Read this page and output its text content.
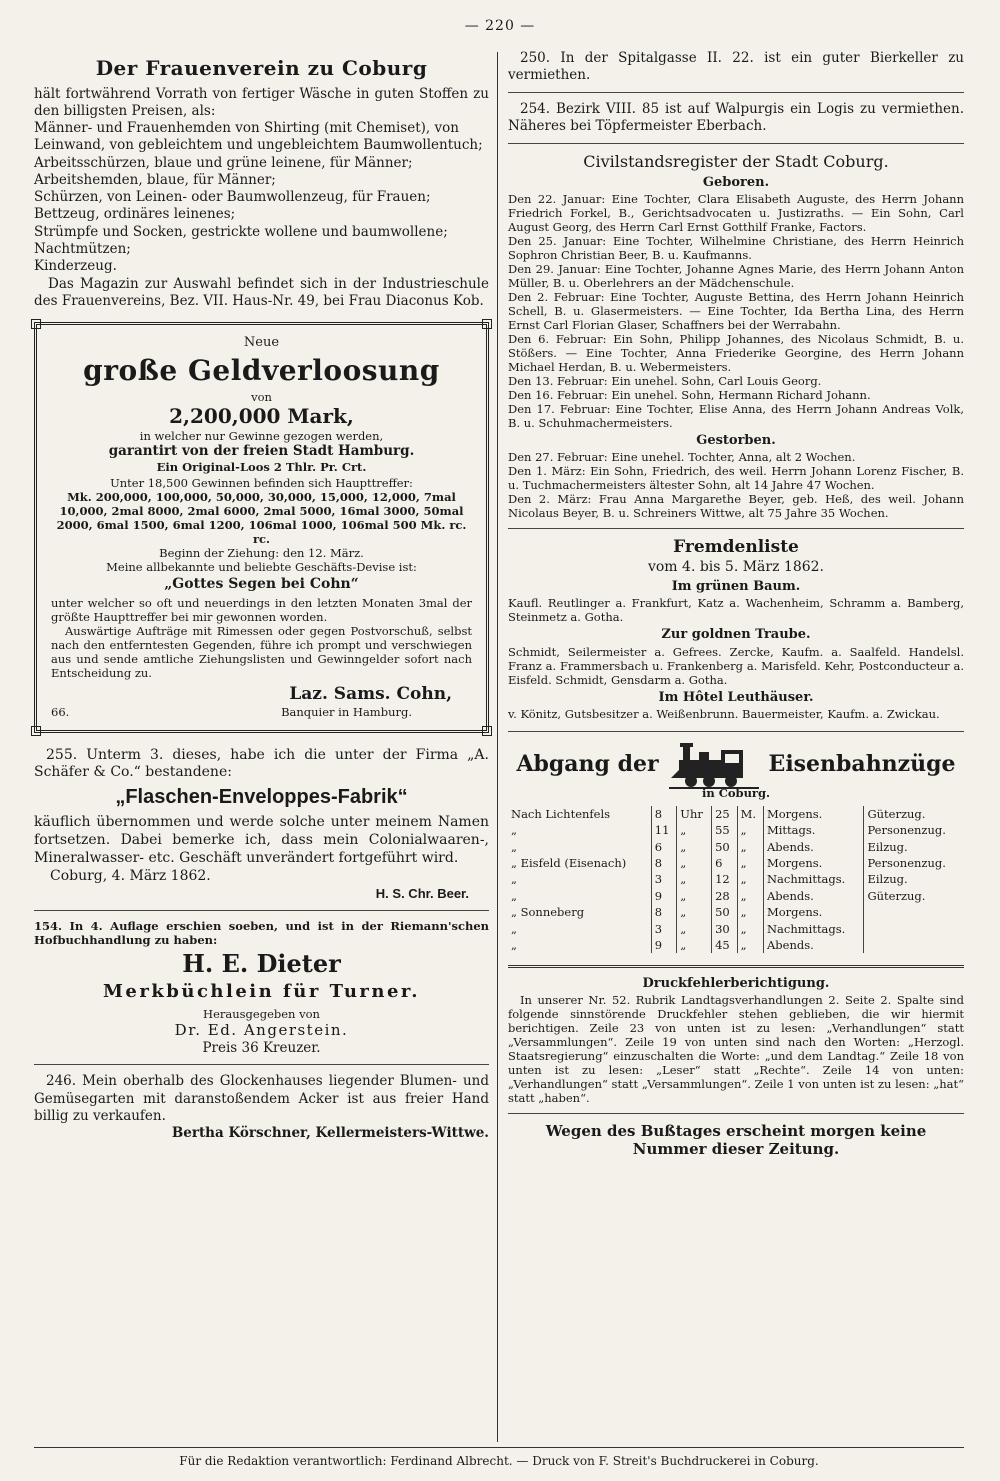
— 220 —
Der Frauenverein zu Coburg

hält fortwährend Vorrath von fertiger Wäsche in guten Stoffen zu den billigsten Preisen, als:

Männer- und Frauenhemden von Shirting (mit Chemiset), von Leinwand, von gebleichtem und ungebleichtem Baumwollentuch;

Arbeitsschürzen, blaue und grüne leinene, für Männer;

Arbeitshemden, blaue, für Männer;

Schürzen, von Leinen- oder Baumwollenzeug, für Frauen;

Bettzeug, ordinäres leinenes;

Strümpfe und Socken, gestrickte wollene und baumwollene;

Nachtmützen;

Kinderzeug.

Das Magazin zur Auswahl befindet sich in der Industrieschule des Frauenvereins, Bez. VII. Haus-Nr. 49, bei Frau Diaconus Kob.

Neue
große Geldverloosung
von
2,200,000 Mark,
in welcher nur Gewinne gezogen werden,
garantirt von der freien Stadt Hamburg.
Ein Original-Loos 2 Thlr. Pr. Crt.
Unter 18,500 Gewinnen befinden sich Haupttreffer:

Mk. 200,000, 100,000, 50,000, 30,000, 15,000, 12,000, 7mal 10,000, 2mal 8000, 2mal 6000, 2mal 5000, 16mal 3000, 50mal 2000, 6mal 1500, 6mal 1200, 106mal 1000, 106mal 500 Mk. rc. rc.

Beginn der Ziehung: den 12. März.
Meine allbekannte und beliebte Geschäfts-Devise ist:
„Gottes Segen bei Cohn“

unter welcher so oft und neuerdings in den letzten Monaten 3mal der größte Haupttreffer bei mir gewonnen worden.

Auswärtige Aufträge mit Rimessen oder gegen Postvorschuß, selbst nach den entferntesten Gegenden, führe ich prompt und verschwiegen aus und sende amtliche Ziehungslisten und Gewinngelder sofort nach Entscheidung zu.

Laz. Sams. Cohn,
66.	Banquier in Hamburg.

255. Unterm 3. dieses, habe ich die unter der Firma „A. Schäfer & Co.“ bestandene:

„Flaschen-Enveloppes-Fabrik“

käuflich übernommen und werde solche unter meinem Namen fortsetzen. Dabei bemerke ich, dass mein Colonialwaaren-, Mineralwasser- etc. Geschäft unverändert fortgeführt wird.

Coburg, 4. März 1862.

H. S. Chr. Beer.

154. In 4. Auflage erschien soeben, und ist in der Riemann'schen Hofbuchhandlung zu haben:

H. E. Dieter
Merkbüchlein für Turner.
Herausgegeben von
Dr. Ed. Angerstein.
Preis 36 Kreuzer.

246. Mein oberhalb des Glockenhauses liegender Blumen- und Gemüsegarten mit daranstoßendem Acker ist aus freier Hand billig zu verkaufen.

Bertha Körschner, Kellermeisters-Wittwe.

250. In der Spitalgasse II. 22. ist ein guter Bierkeller zu vermiethen.

254. Bezirk VIII. 85 ist auf Walpurgis ein Logis zu vermiethen. Näheres bei Töpfermeister Eberbach.

Civilstandsregister der Stadt Coburg.
Geboren.

Den 22. Januar: Eine Tochter, Clara Elisabeth Auguste, des Herrn Johann Friedrich Forkel, B., Gerichtsadvocaten u. Justizraths. — Ein Sohn, Carl August Georg, des Herrn Carl Ernst Gotthilf Franke, Factors.

Den 25. Januar: Eine Tochter, Wilhelmine Christiane, des Herrn Heinrich Sophron Christian Beer, B. u. Kaufmanns.

Den 29. Januar: Eine Tochter, Johanne Agnes Marie, des Herrn Johann Anton Müller, B. u. Oberlehrers an der Mädchenschule.

Den 2. Februar: Eine Tochter, Auguste Bettina, des Herrn Johann Heinrich Schell, B. u. Glasermeisters. — Eine Tochter, Ida Bertha Lina, des Herrn Ernst Carl Florian Glaser, Schaffners bei der Werrabahn.

Den 6. Februar: Ein Sohn, Philipp Johannes, des Nicolaus Schmidt, B. u. Stößers. — Eine Tochter, Anna Friederike Georgine, des Herrn Johann Michael Herdan, B. u. Webermeisters.

Den 13. Februar: Ein unehel. Sohn, Carl Louis Georg.

Den 16. Februar: Ein unehel. Sohn, Hermann Richard Johann.

Den 17. Februar: Eine Tochter, Elise Anna, des Herrn Johann Andreas Volk, B. u. Schuhmachermeisters.

Gestorben.

Den 27. Februar: Eine unehel. Tochter, Anna, alt 2 Wochen.

Den 1. März: Ein Sohn, Friedrich, des weil. Herrn Johann Lorenz Fischer, B. u. Tuchmachermeisters ältester Sohn, alt 14 Jahre 47 Wochen.

Den 2. März: Frau Anna Margarethe Beyer, geb. Heß, des weil. Johann Nicolaus Beyer, B. u. Schreiners Wittwe, alt 75 Jahre 35 Wochen.

Fremdenliste
vom 4. bis 5. März 1862.
Im grünen Baum.

Kaufl. Reutlinger a. Frankfurt, Katz a. Wachenheim, Schramm a. Bamberg, Steinmetz a. Gotha.

Zur goldnen Traube.

Schmidt, Seilermeister a. Gefrees. Zercke, Kaufm. a. Saalfeld. Handelsl. Franz a. Frammersbach u. Frankenberg a. Marisfeld. Kehr, Postconducteur a. Eisfeld. Schmidt, Gensdarm a. Gotha.

Im Hôtel Leuthäuser.

v. Könitz, Gutsbesitzer a. Weißenbrunn. Bauermeister, Kaufm. a. Zwickau.

Abgang der	Eisenbahnzüge
in Coburg.
Nach Lichtenfels	8	Uhr	25	M.	Morgens.	Güterzug.
„	11	„	55	„	Mittags.	Personenzug.
„	6	„	50	„	Abends.	Eilzug.
„ Eisfeld (Eisenach)	8	„	6	„	Morgens.	Personenzug.
„	3	„	12	„	Nachmittags.	Eilzug.
„	9	„	28	„	Abends.	Güterzug.
„ Sonneberg	8	„	50	„	Morgens.	
„	3	„	30	„	Nachmittags.	
„	9	„	45	„	Abends.	
Druckfehlerberichtigung.

In unserer Nr. 52. Rubrik Landtagsverhandlungen 2. Seite 2. Spalte sind folgende sinnstörende Druckfehler stehen geblieben, die wir hiermit berichtigen. Zeile 23 von unten ist zu lesen: „Verhandlungen“ statt „Versammlungen“. Zeile 19 von unten sind nach den Worten: „Herzogl. Staatsregierung“ einzuschalten die Worte: „und dem Landtag.“ Zeile 18 von unten ist zu lesen: „Leser“ statt „Rechte“. Zeile 14 von unten: „Verhandlungen“ statt „Versammlungen“. Zeile 1 von unten ist zu lesen: „hat“ statt „haben“.

Wegen des Bußtages erscheint morgen keine Nummer dieser Zeitung.

Für die Redaktion verantwortlich: Ferdinand Albrecht. — Druck von F. Streit's Buchdruckerei in Coburg.
